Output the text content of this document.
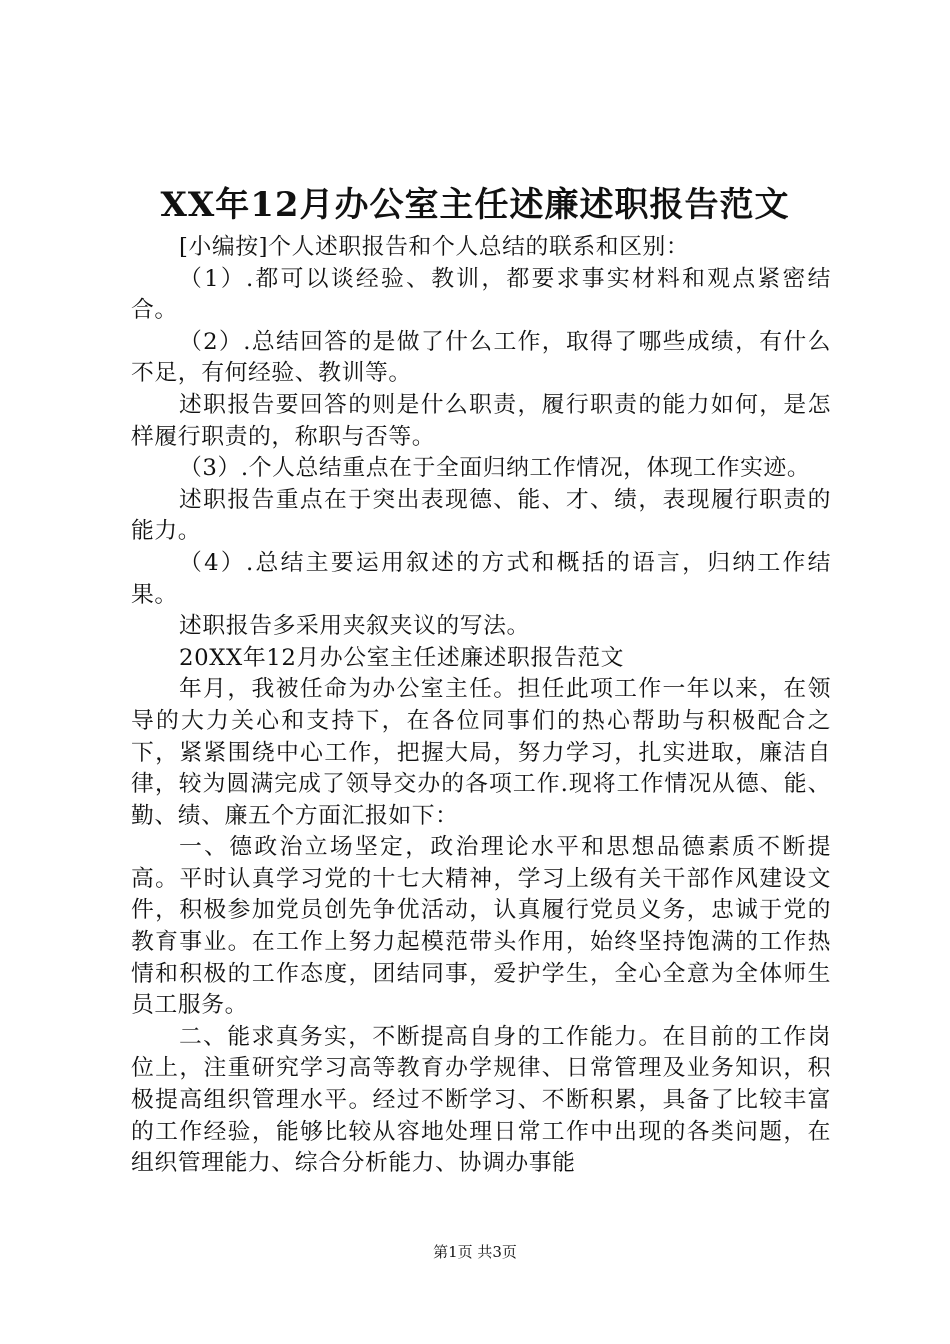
XX年12月办公室主任述廉述职报告范文

[小编按]个人述职报告和个人总结的联系和区别：

（1）.都可以谈经验、教训，都要求事实材料和观点紧密结合。

（2）.总结回答的是做了什么工作，取得了哪些成绩，有什么不足，有何经验、教训等。

述职报告要回答的则是什么职责，履行职责的能力如何，是怎样履行职责的，称职与否等。

（3）.个人总结重点在于全面归纳工作情况，体现工作实迹。

述职报告重点在于突出表现德、能、才、绩，表现履行职责的能力。

（4）.总结主要运用叙述的方式和概括的语言，归纳工作结果。

述职报告多采用夹叙夹议的写法。

20XX年12月办公室主任述廉述职报告范文

年月，我被任命为办公室主任。担任此项工作一年以来，在领导的大力关心和支持下，在各位同事们的热心帮助与积极配合之下，紧紧围绕中心工作，把握大局，努力学习，扎实进取，廉洁自律，较为圆满完成了领导交办的各项工作.现将工作情况从德、能、勤、绩、廉五个方面汇报如下：

一、德政治立场坚定，政治理论水平和思想品德素质不断提高。平时认真学习党的十七大精神，学习上级有关干部作风建设文件，积极参加党员创先争优活动，认真履行党员义务，忠诚于党的教育事业。在工作上努力起模范带头作用，始终坚持饱满的工作热情和积极的工作态度，团结同事，爱护学生，全心全意为全体师生员工服务。

二、能求真务实，不断提高自身的工作能力。在目前的工作岗位上，注重研究学习高等教育办学规律、日常管理及业务知识，积极提高组织管理水平。经过不断学习、不断积累，具备了比较丰富的工作经验，能够比较从容地处理日常工作中出现的各类问题，在组织管理能力、综合分析能力、协调办事能

第1页 共3页
